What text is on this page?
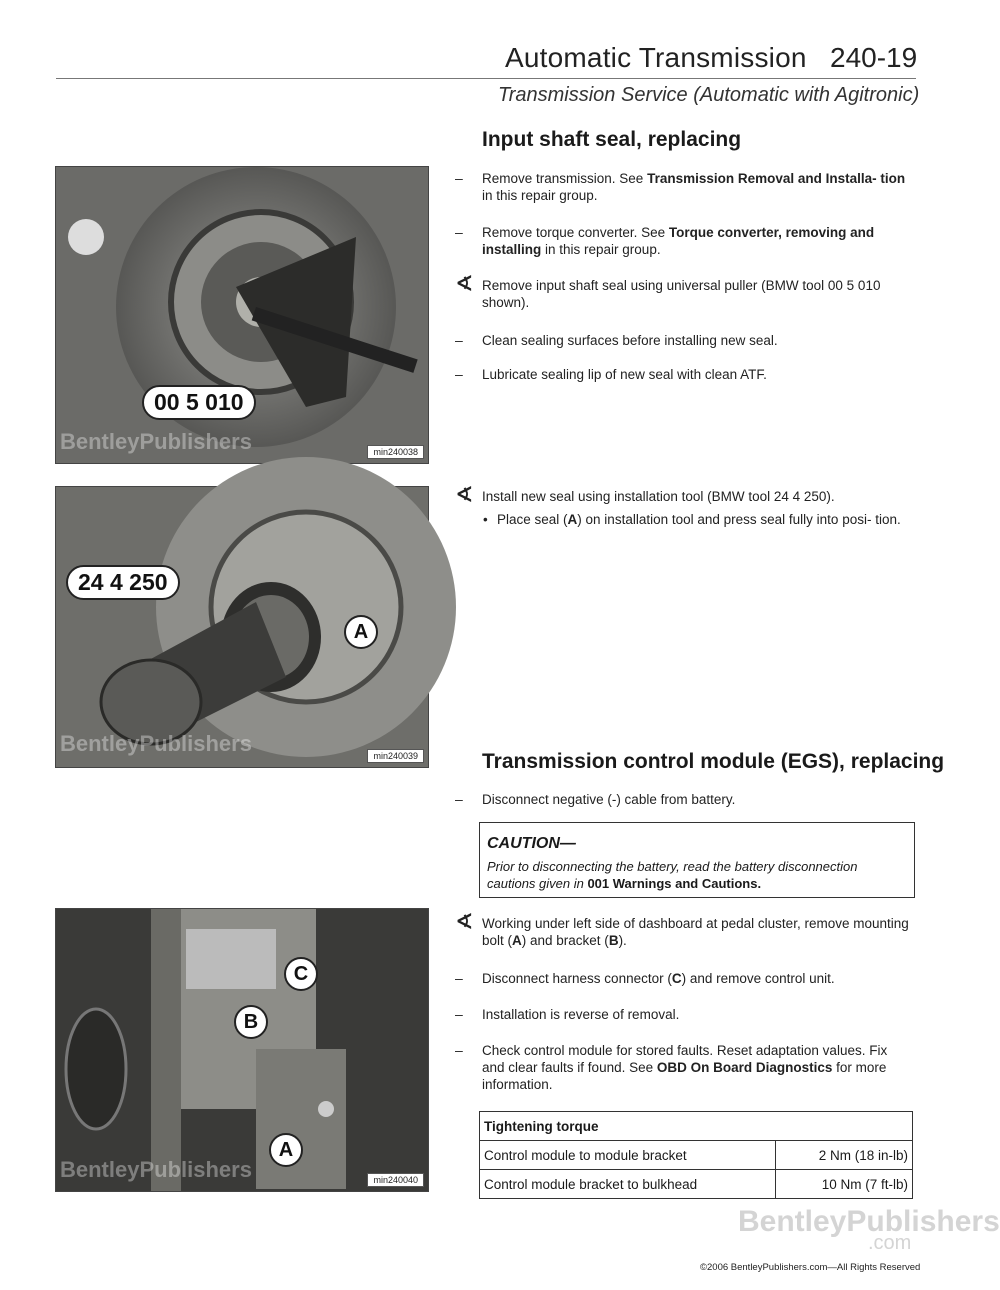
Automatic Transmission 240-19
Transmission Service (Automatic with Agitronic)
00 5 010
BentleyPublishers	min240038
24 4 250
A
BentleyPublishers	min240039
C
B
A
BentleyPublishers	min240040
Input shaft seal, replacing
–	Remove transmission. See Transmission Removal and Installa- tion in this repair group.
–	Remove torque converter. See Torque converter, removing and installing in this repair group.
∢ Remove input shaft seal using universal puller (BMW tool 00 5 010 shown).
–	Clean sealing surfaces before installing new seal.
–	Lubricate sealing lip of new seal with clean ATF.
∢ Install new seal using installation tool (BMW tool 24 4 250).
• Place seal (A) on installation tool and press seal fully into posi- tion.
Transmission control module (EGS), replacing
–	Disconnect negative (-) cable from battery.
CAUTION—
Prior to disconnecting the battery, read the battery disconnection cautions given in 001 Warnings and Cautions.
∢ Working under left side of dashboard at pedal cluster, remove mounting bolt (A) and bracket (B).
–	Disconnect harness connector (C) and remove control unit.
–	Installation is reverse of removal.
–	Check control module for stored faults. Reset adaptation values. Fix and clear faults if found. See OBD On Board Diagnostics for more information.
Tightening torque	
Control module to module bracket	2 Nm (18 in-lb)
Control module bracket to bulkhead	10 Nm (7 ft-lb)
BentleyPublishers
.com
©2006 BentleyPublishers.com—All Rights Reserved
